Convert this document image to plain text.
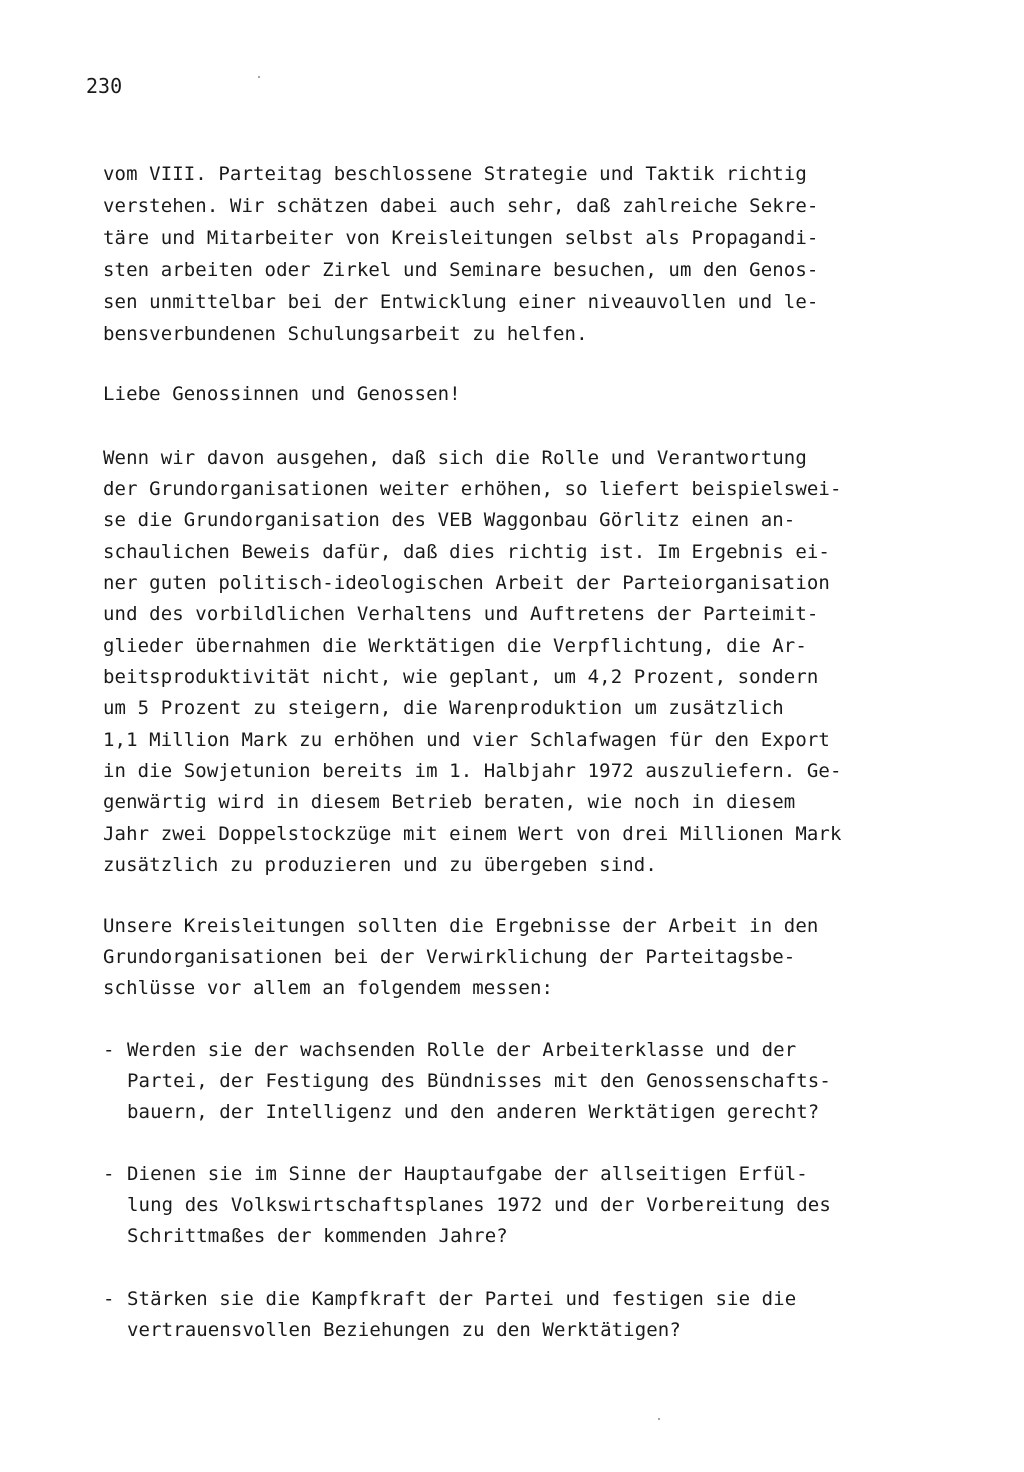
230

vom VIII. Parteitag beschlossene Strategie und Taktik richtig

verstehen. Wir schätzen dabei auch sehr, daß zahlreiche Sekre-

täre und Mitarbeiter von Kreisleitungen selbst als Propagandi-

sten arbeiten oder Zirkel und Seminare besuchen, um den Genos-

sen unmittelbar bei der Entwicklung einer niveauvollen und le-

bensverbundenen Schulungsarbeit zu helfen.

Liebe Genossinnen und Genossen!

Wenn wir davon ausgehen, daß sich die Rolle und Verantwortung

der Grundorganisationen weiter erhöhen, so liefert beispielswei-

se die Grundorganisation des VEB Waggonbau Görlitz einen an-

schaulichen Beweis dafür, daß dies richtig ist. Im Ergebnis ei-

ner guten politisch-ideologischen Arbeit der Parteiorganisation

und des vorbildlichen Verhaltens und Auftretens der Parteimit-

glieder übernahmen die Werktätigen die Verpflichtung, die Ar-

beitsproduktivität nicht, wie geplant, um 4,2 Prozent, sondern

um 5 Prozent zu steigern, die Warenproduktion um zusätzlich

1,1 Million Mark zu erhöhen und vier Schlafwagen für den Export

in die Sowjetunion bereits im 1. Halbjahr 1972 auszuliefern. Ge-

genwärtig wird in diesem Betrieb beraten, wie noch in diesem

Jahr zwei Doppelstockzüge mit einem Wert von drei Millionen Mark

zusätzlich zu produzieren und zu übergeben sind.

Unsere Kreisleitungen sollten die Ergebnisse der Arbeit in den

Grundorganisationen bei der Verwirklichung der Parteitagsbe-

schlüsse vor allem an folgendem messen:

- Werden sie der wachsenden Rolle der Arbeiterklasse und der

Partei, der Festigung des Bündnisses mit den Genossenschafts-

bauern, der Intelligenz und den anderen Werktätigen gerecht?

- Dienen sie im Sinne der Hauptaufgabe der allseitigen Erfül-

lung des Volkswirtschaftsplanes 1972 und der Vorbereitung des

Schrittmaßes der kommenden Jahre?

- Stärken sie die Kampfkraft der Partei und festigen sie die

vertrauensvollen Beziehungen zu den Werktätigen?
